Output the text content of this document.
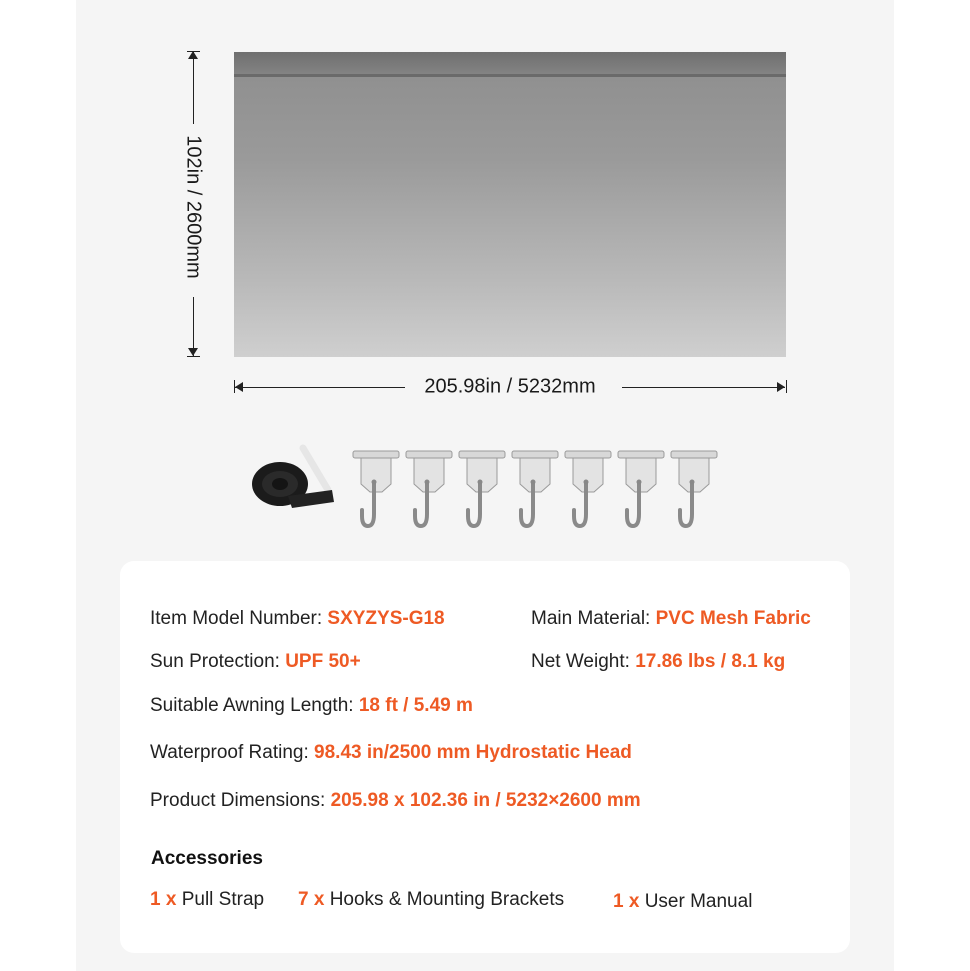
102in / 2600mm
205.98in / 5232mm
Item Model Number: SXYZYS-G18	Main Material: PVC Mesh Fabric
Sun Protection: UPF 50+	Net Weight: 17.86 lbs / 8.1 kg
Suitable Awning Length: 18 ft / 5.49 m
Waterproof Rating: 98.43 in/2500 mm Hydrostatic Head
Product Dimensions: 205.98 x 102.36 in / 5232×2600 mm
Accessories
1 x Pull Strap 7 x Hooks & Mounting Brackets	1 x User Manual
